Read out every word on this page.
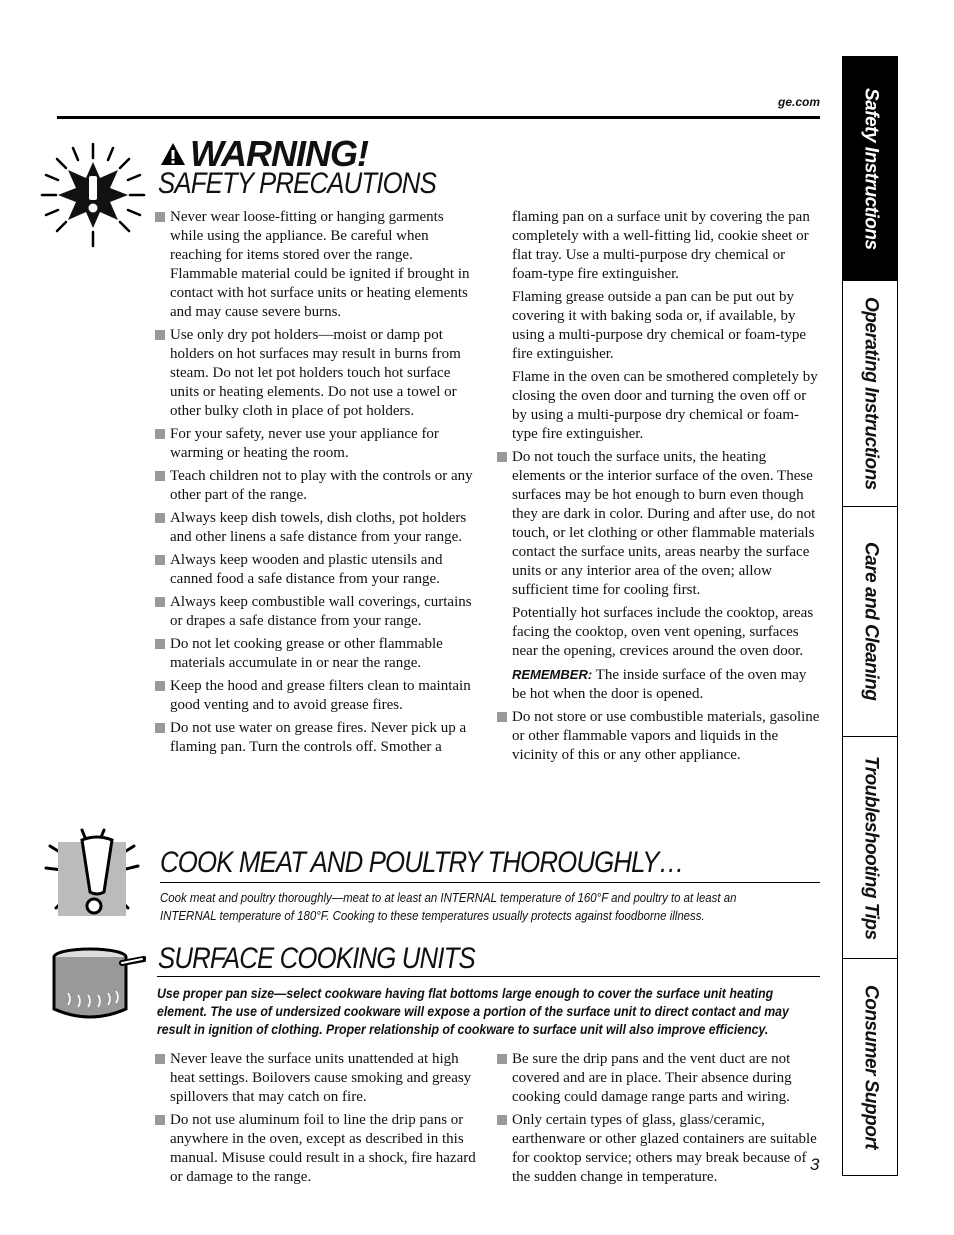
ge.com
WARNING!
SAFETY PRECAUTIONS
Never wear loose-fitting or hanging garments while using the appliance. Be careful when reaching for items stored over the range. Flammable material could be ignited if brought in contact with hot surface units or heating elements and may cause severe burns.
Use only dry pot holders—moist or damp pot holders on hot surfaces may result in burns from steam. Do not let pot holders touch hot surface units or heating elements. Do not use a towel or other bulky cloth in place of pot holders.
For your safety, never use your appliance for warming or heating the room.
Teach children not to play with the controls or any other part of the range.
Always keep dish towels, dish cloths, pot holders and other linens a safe distance from your range.
Always keep wooden and plastic utensils and canned food a safe distance from your range.
Always keep combustible wall coverings, curtains or drapes a safe distance from your range.
Do not let cooking grease or other flammable materials accumulate in or near the range.
Keep the hood and grease filters clean to maintain good venting and to avoid grease fires.
Do not use water on grease fires. Never pick up a flaming pan. Turn the controls off. Smother a
flaming pan on a surface unit by covering the pan completely with a well-fitting lid, cookie sheet or flat tray. Use a multi-purpose dry chemical or foam-type fire extinguisher.
Flaming grease outside a pan can be put out by covering it with baking soda or, if available, by using a multi-purpose dry chemical or foam-type fire extinguisher.
Flame in the oven can be smothered completely by closing the oven door and turning the oven off or by using a multi-purpose dry chemical or foam-type fire extinguisher.
Do not touch the surface units, the heating elements or the interior surface of the oven. These surfaces may be hot enough to burn even though they are dark in color. During and after use, do not touch, or let clothing or other flammable materials contact the surface units, areas nearby the surface units or any interior area of the oven; allow sufficient time for cooling first.
Potentially hot surfaces include the cooktop, areas facing the cooktop, oven vent opening, surfaces near the opening, crevices around the oven door.
REMEMBER: The inside surface of the oven may be hot when the door is opened.
Do not store or use combustible materials, gasoline or other flammable vapors and liquids in the vicinity of this or any other appliance.
COOK MEAT AND POULTRY THOROUGHLY…
Cook meat and poultry thoroughly—meat to at least an INTERNAL temperature of 160°F and poultry to at least an INTERNAL temperature of 180°F. Cooking to these temperatures usually protects against foodborne illness.
SURFACE COOKING UNITS
Use proper pan size—select cookware having flat bottoms large enough to cover the surface unit heating element. The use of undersized cookware will expose a portion of the surface unit to direct contact and may result in ignition of clothing. Proper relationship of cookware to surface unit will also improve efficiency.
Never leave the surface units unattended at high heat settings. Boilovers cause smoking and greasy spillovers that may catch on fire.
Do not use aluminum foil to line the drip pans or anywhere in the oven, except as described in this manual. Misuse could result in a shock, fire hazard or damage to the range.
Be sure the drip pans and the vent duct are not covered and are in place. Their absence during cooking could damage range parts and wiring.
Only certain types of glass, glass/ceramic, earthenware or other glazed containers are suitable for cooktop service; others may break because of the sudden change in temperature.
3
Safety Instructions
Operating Instructions
Care and Cleaning
Troubleshooting Tips
Consumer Support
